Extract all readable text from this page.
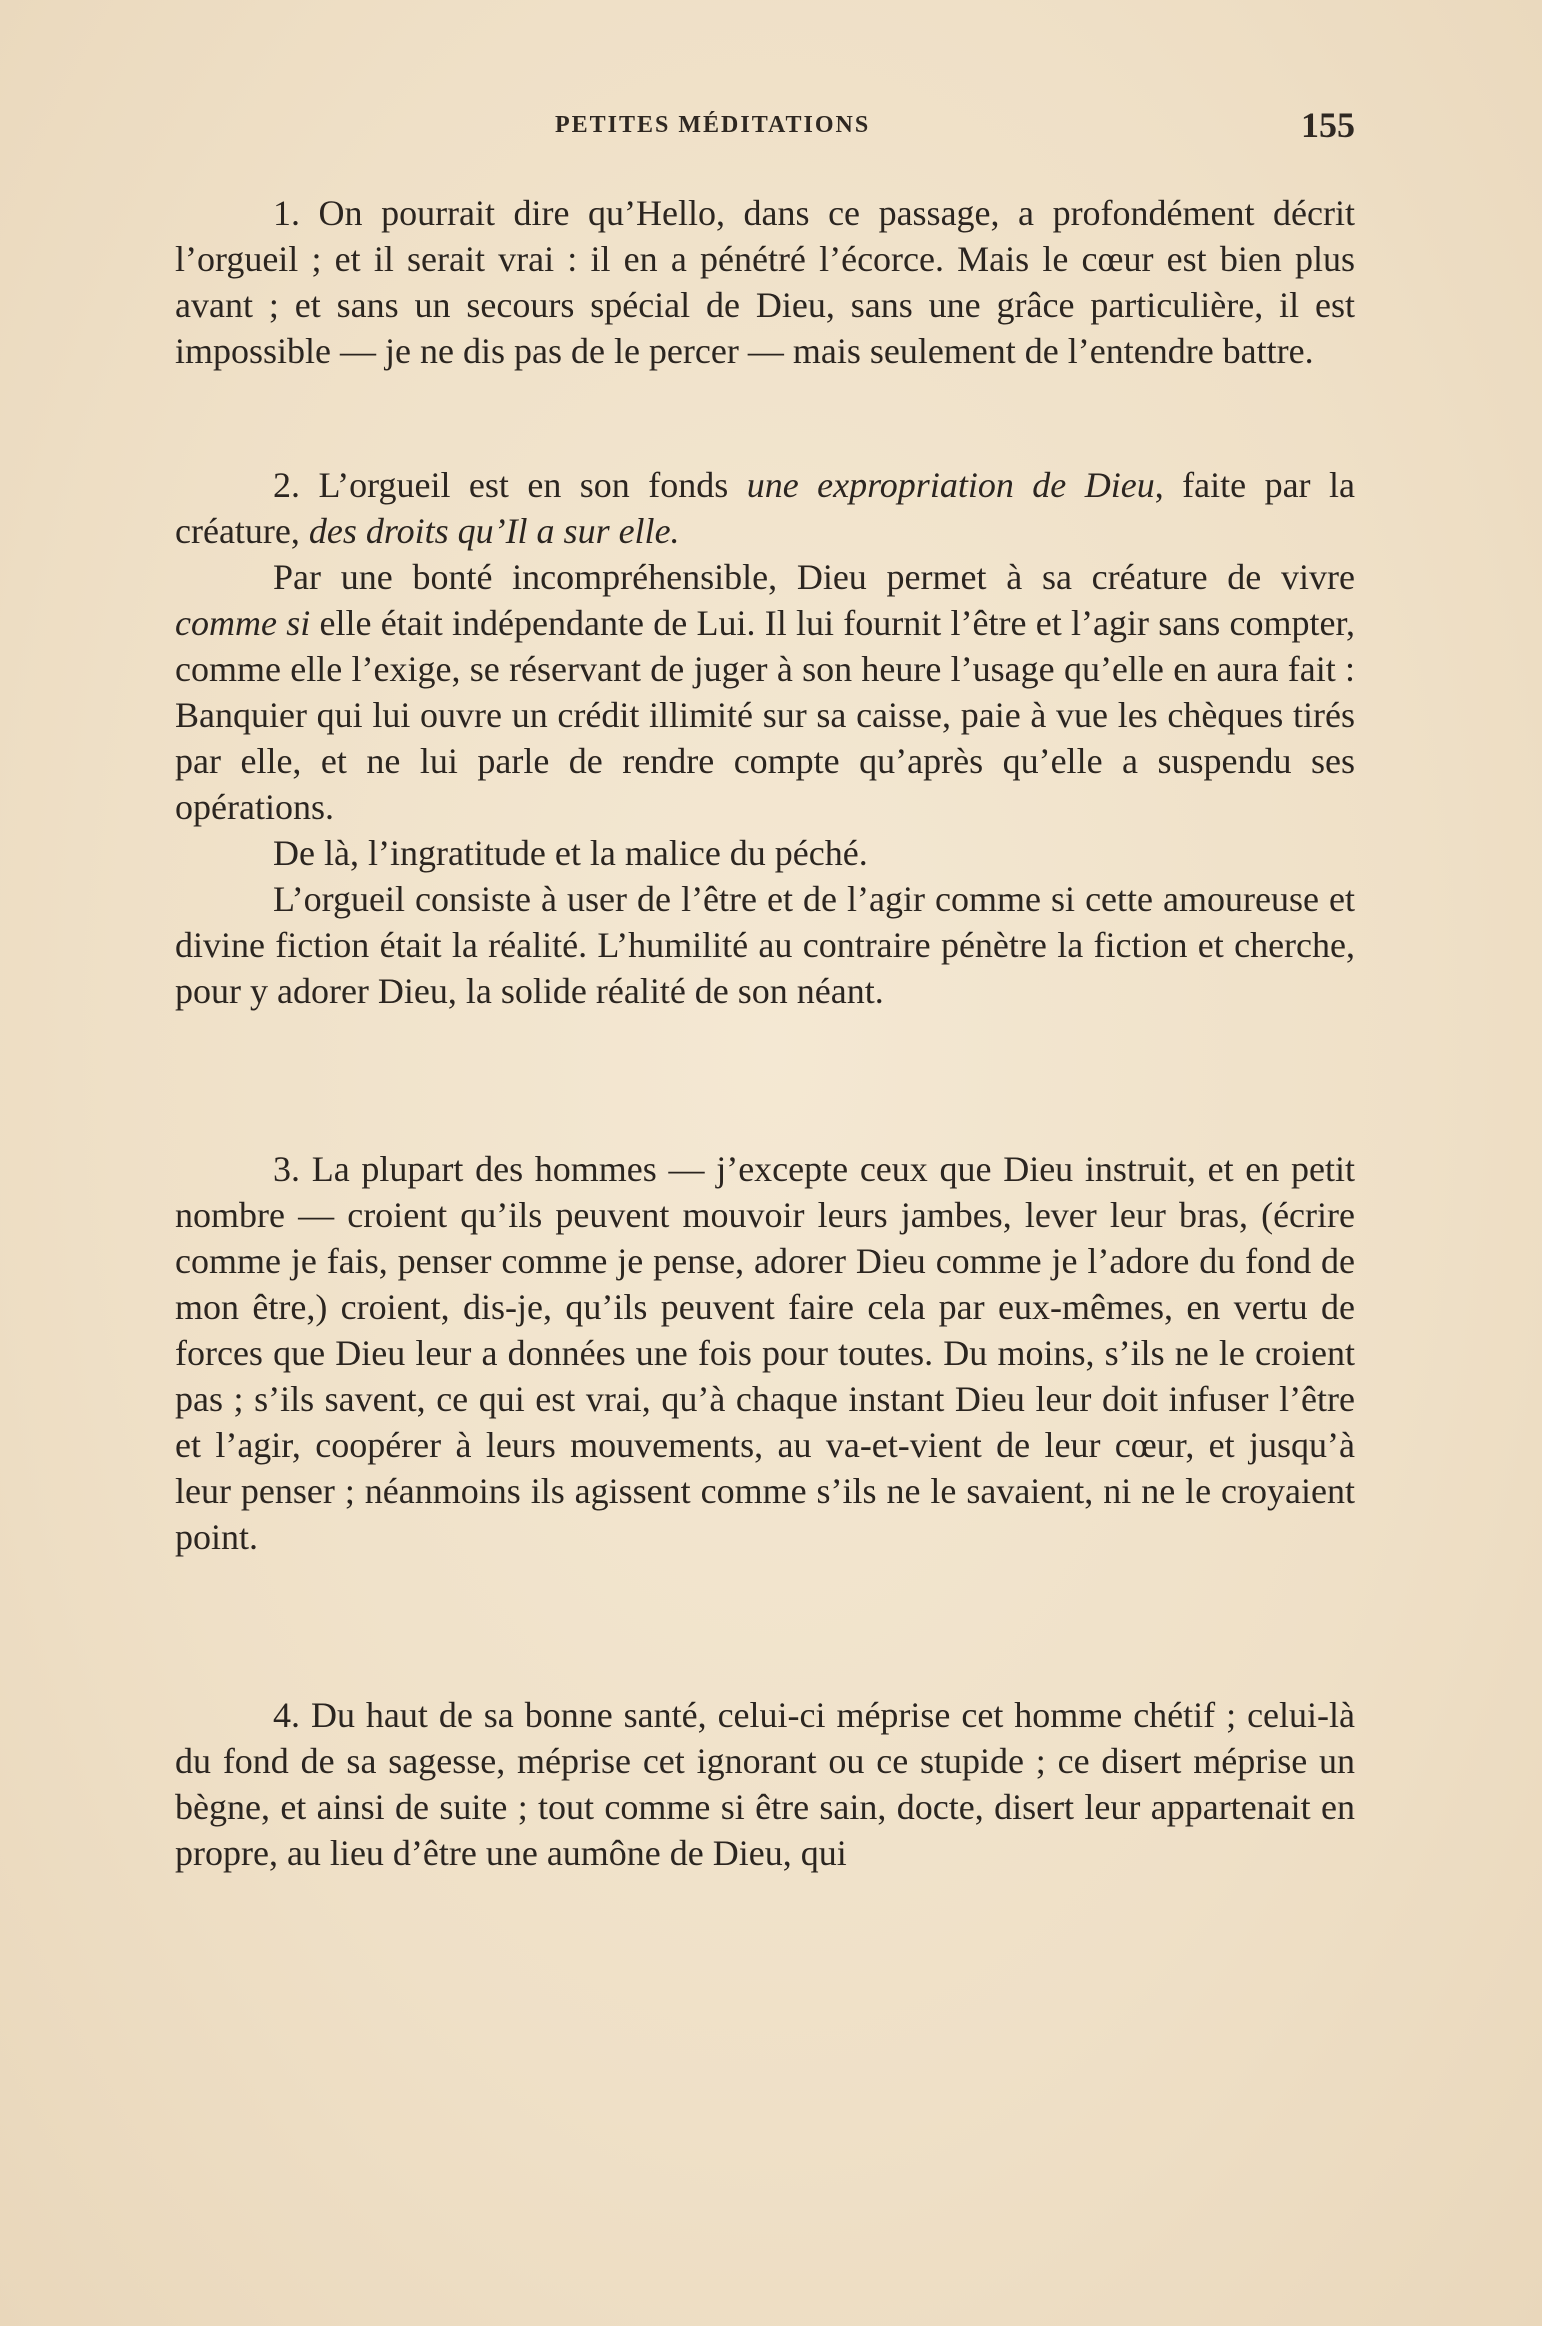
PETITES MÉDITATIONS	155

1. On pourrait dire qu’Hello, dans ce passage, a profondément décrit l’orgueil ; et il serait vrai : il en a pénétré l’écorce. Mais le cœur est bien plus avant ; et sans un secours spécial de Dieu, sans une grâce particulière, il est impossible — je ne dis pas de le percer — mais seulement de l’entendre battre.

2. L’orgueil est en son fonds une expropriation de Dieu, faite par la créature, des droits qu’Il a sur elle.

Par une bonté incompréhensible, Dieu permet à sa créature de vivre comme si elle était indépendante de Lui. Il lui fournit l’être et l’agir sans compter, comme elle l’exige, se réservant de juger à son heure l’usage qu’elle en aura fait : Banquier qui lui ouvre un crédit illimité sur sa caisse, paie à vue les chèques tirés par elle, et ne lui parle de rendre compte qu’après qu’elle a suspendu ses opérations.

De là, l’ingratitude et la malice du péché.

L’orgueil consiste à user de l’être et de l’agir comme si cette amoureuse et divine fiction était la réalité. L’humilité au contraire pénètre la fiction et cherche, pour y adorer Dieu, la solide réalité de son néant.

3. La plupart des hommes — j’excepte ceux que Dieu instruit, et en petit nombre — croient qu’ils peuvent mouvoir leurs jambes, lever leur bras, (écrire comme je fais, penser comme je pense, adorer Dieu comme je l’adore du fond de mon être,) croient, dis-je, qu’ils peuvent faire cela par eux-mêmes, en vertu de forces que Dieu leur a données une fois pour toutes. Du moins, s’ils ne le croient pas ; s’ils savent, ce qui est vrai, qu’à chaque instant Dieu leur doit infuser l’être et l’agir, coopérer à leurs mouvements, au va-et-vient de leur cœur, et jusqu’à leur penser ; néanmoins ils agissent comme s’ils ne le savaient, ni ne le croyaient point.

4. Du haut de sa bonne santé, celui-ci méprise cet homme chétif ; celui-là du fond de sa sagesse, méprise cet ignorant ou ce stupide ; ce disert méprise un bègne, et ainsi de suite ; tout comme si être sain, docte, disert leur appartenait en propre, au lieu d’être une aumône de Dieu, qui
